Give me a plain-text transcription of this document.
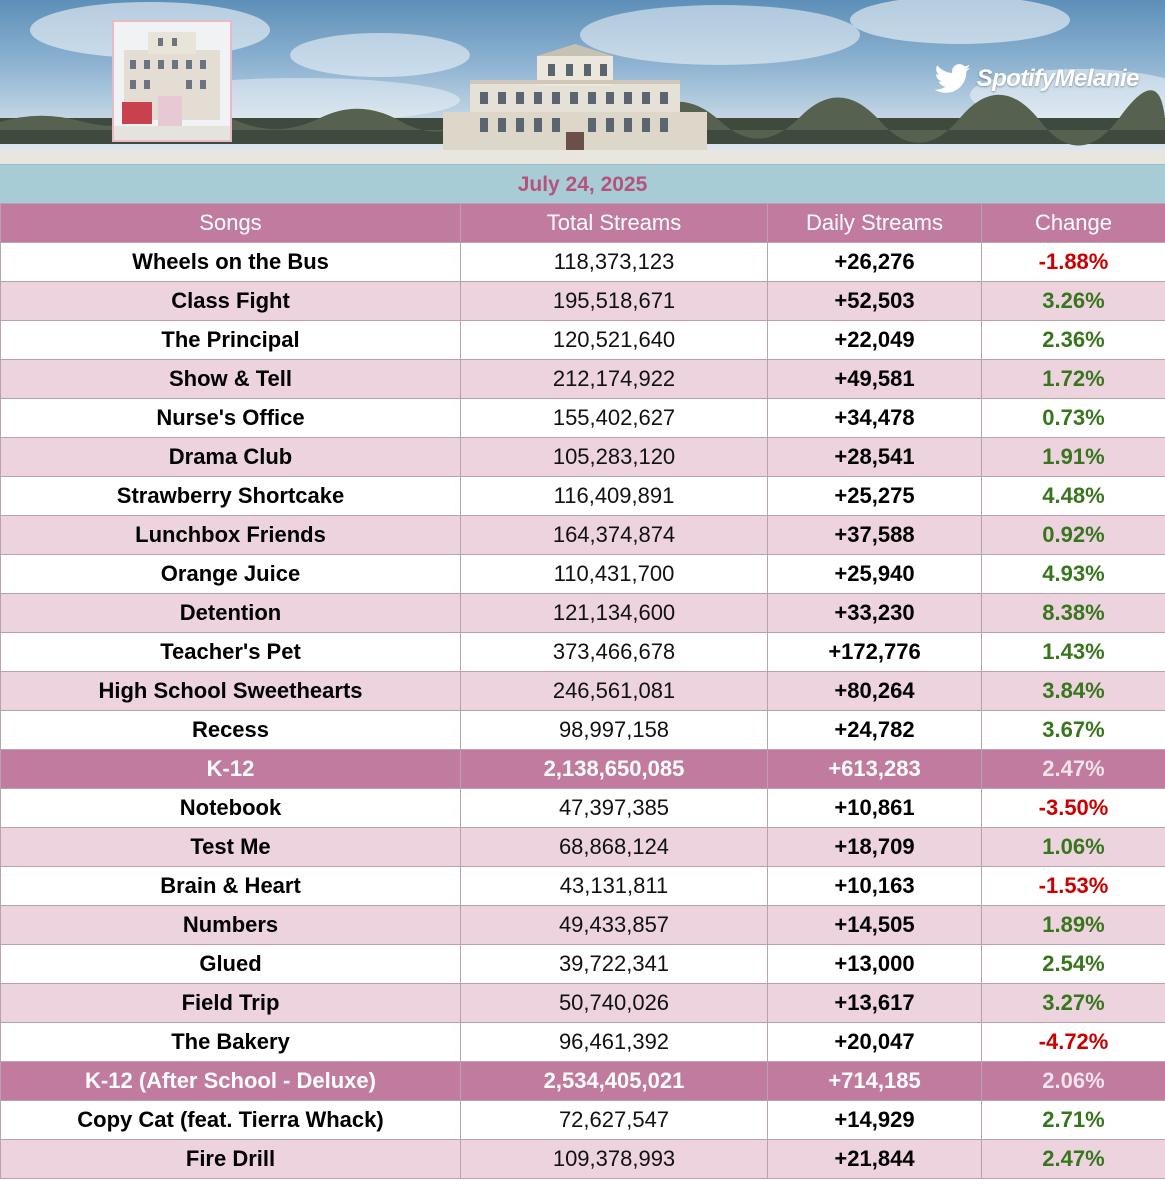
SpotifyMelanie
July 24, 2025
Songs	Total Streams	Daily Streams	Change
Wheels on the Bus	118,373,123	+26,276	-1.88%
Class Fight	195,518,671	+52,503	3.26%
The Principal	120,521,640	+22,049	2.36%
Show & Tell	212,174,922	+49,581	1.72%
Nurse's Office	155,402,627	+34,478	0.73%
Drama Club	105,283,120	+28,541	1.91%
Strawberry Shortcake	116,409,891	+25,275	4.48%
Lunchbox Friends	164,374,874	+37,588	0.92%
Orange Juice	110,431,700	+25,940	4.93%
Detention	121,134,600	+33,230	8.38%
Teacher's Pet	373,466,678	+172,776	1.43%
High School Sweethearts	246,561,081	+80,264	3.84%
Recess	98,997,158	+24,782	3.67%
K-12	2,138,650,085	+613,283	2.47%
Notebook	47,397,385	+10,861	-3.50%
Test Me	68,868,124	+18,709	1.06%
Brain & Heart	43,131,811	+10,163	-1.53%
Numbers	49,433,857	+14,505	1.89%
Glued	39,722,341	+13,000	2.54%
Field Trip	50,740,026	+13,617	3.27%
The Bakery	96,461,392	+20,047	-4.72%
K-12 (After School - Deluxe)	2,534,405,021	+714,185	2.06%
Copy Cat (feat. Tierra Whack)	72,627,547	+14,929	2.71%
Fire Drill	109,378,993	+21,844	2.47%
